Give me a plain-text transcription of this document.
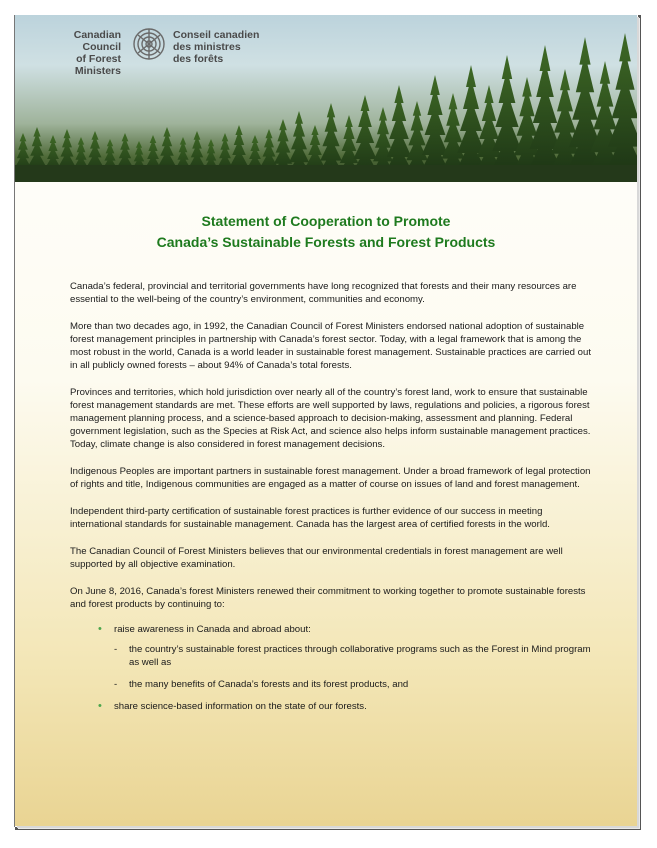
Canadian Council
of Forest
Ministers

Conseil canadien
des ministres
des forêts

Statement of Cooperation to Promote
Canada’s Sustainable Forests and Forest Products

Canada’s federal, provincial and territorial governments have long recognized that forests and their many resources are essential to the well-being of the country’s environment, communities and economy.

More than two decades ago, in 1992, the Canadian Council of Forest Ministers endorsed national adoption of sustainable forest management principles in partnership with Canada’s forest sector. Today, with a legal framework that is among the most robust in the world, Canada is a world leader in sustainable forest management. Sustainable practices are carried out in all publicly owned forests – about 94% of Canada’s total forests.

Provinces and territories, which hold jurisdiction over nearly all of the country’s forest land, work to ensure that sustainable forest management standards are met. These efforts are well supported by laws, regulations and policies, a rigorous forest management planning process, and a science-based approach to decision-making, assessment and planning. Federal government legislation, such as the Species at Risk Act, and science also helps inform sustainable management practices. Today, climate change is also considered in forest management decisions.

Indigenous Peoples are important partners in sustainable forest management. Under a broad framework of legal protection of rights and title, Indigenous communities are engaged as a matter of course on issues of land and forest management.

Independent third-party certification of sustainable forest practices is further evidence of our success in meeting international standards for sustainable management. Canada has the largest area of certified forests in the world.

The Canadian Council of Forest Ministers believes that our environmental credentials in forest management are well supported by all objective examination.

On June 8, 2016, Canada’s forest Ministers renewed their commitment to working together to promote sustainable forests and forest products by continuing to:

• raise awareness in Canada and abroad about:
- the country’s sustainable forest practices through collaborative programs such as the Forest in Mind program as well as
- the many benefits of Canada’s forests and its forest products, and
• share science-based information on the state of our forests.
